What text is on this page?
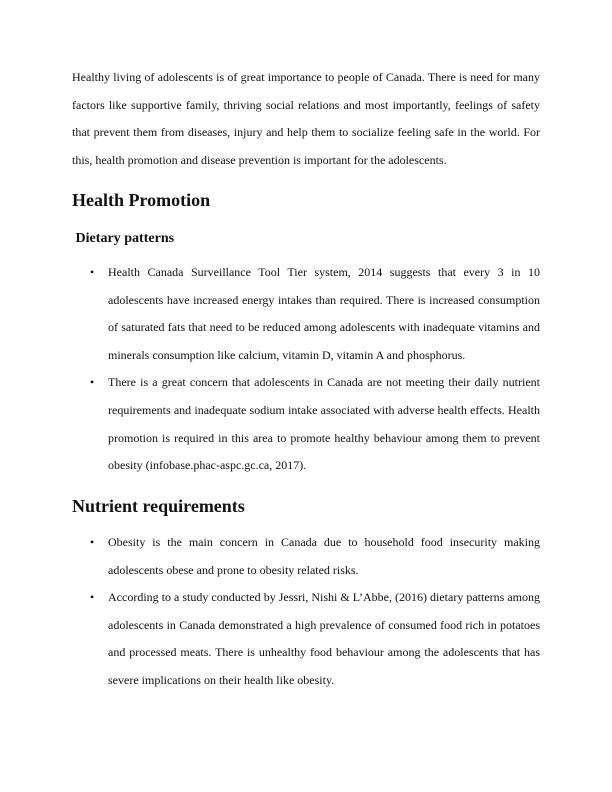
Healthy living of adolescents is of great importance to people of Canada. There is need for many factors like supportive family, thriving social relations and most importantly, feelings of safety that prevent them from diseases, injury and help them to socialize feeling safe in the world. For this, health promotion and disease prevention is important for the adolescents.

Health Promotion
Dietary patterns
•	Health Canada Surveillance Tool Tier system, 2014 suggests that every 3 in 10 adolescents have increased energy intakes than required. There is increased consumption of saturated fats that need to be reduced among adolescents with inadequate vitamins and minerals consumption like calcium, vitamin D, vitamin A and phosphorus.
•	There is a great concern that adolescents in Canada are not meeting their daily nutrient requirements and inadequate sodium intake associated with adverse health effects. Health promotion is required in this area to promote healthy behaviour among them to prevent obesity (infobase.phac-aspc.gc.ca, 2017).
Nutrient requirements
•	Obesity is the main concern in Canada due to household food insecurity making adolescents obese and prone to obesity related risks.
•	According to a study conducted by Jessri, Nishi & L’Abbe, (2016) dietary patterns among adolescents in Canada demonstrated a high prevalence of consumed food rich in potatoes and processed meats. There is unhealthy food behaviour among the adolescents that has severe implications on their health like obesity.
